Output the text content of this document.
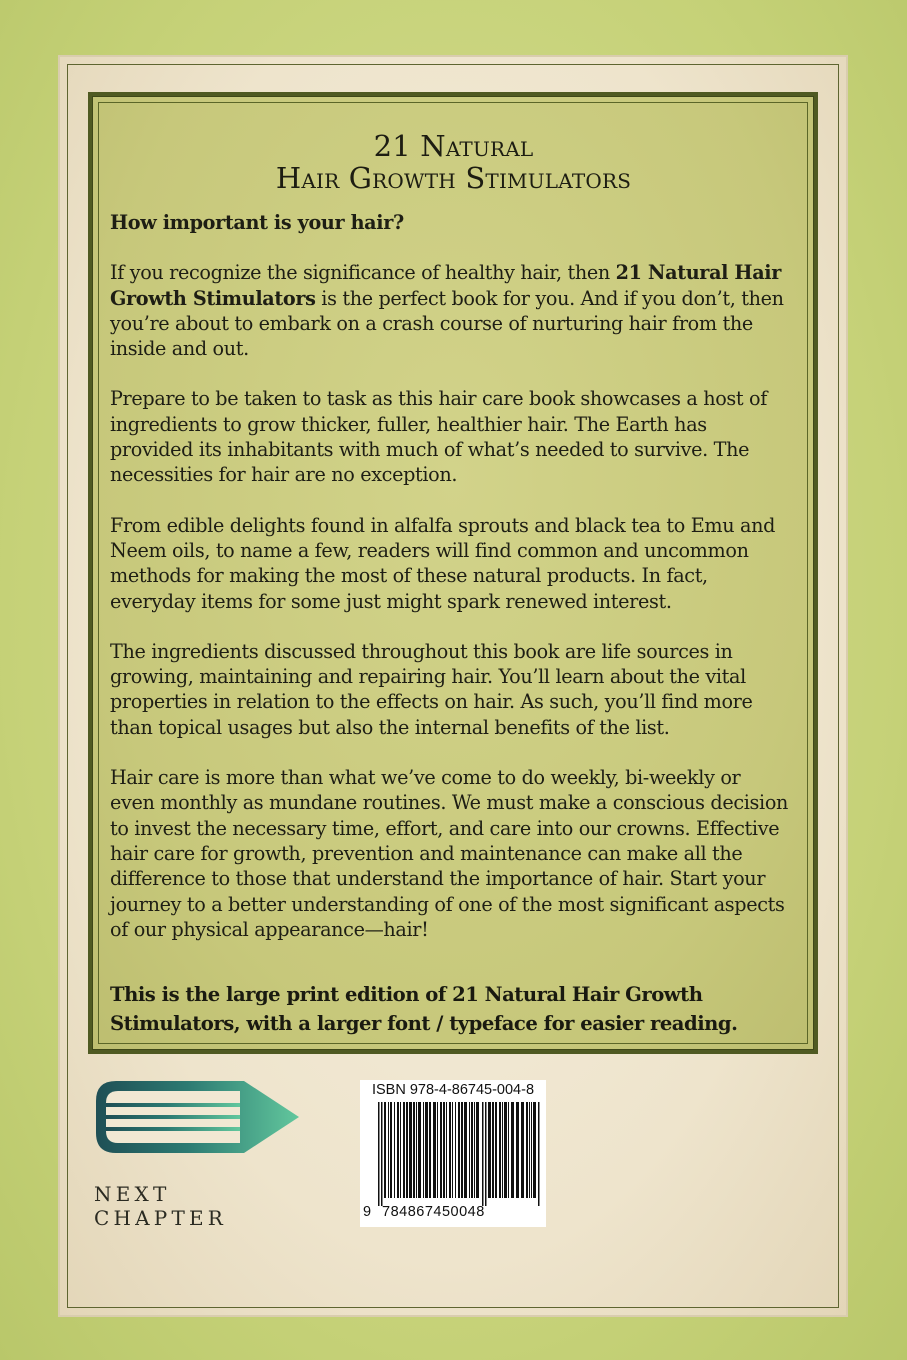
21 Natural
Hair Growth Stimulators

How important is your hair?

If you recognize the significance of healthy hair, then 21 Natural Hair Growth Stimulators is the perfect book for you. And if you don’t, then you’re about to embark on a crash course of nurturing hair from the inside and out.

Prepare to be taken to task as this hair care book showcases a host of ingredients to grow thicker, fuller, healthier hair. The Earth has provided its inhabitants with much of what’s needed to survive. The necessities for hair are no exception.

From edible delights found in alfalfa sprouts and black tea to Emu and Neem oils, to name a few, readers will find common and uncommon methods for making the most of these natural products. In fact, everyday items for some just might spark renewed interest.

The ingredients discussed throughout this book are life sources in growing, maintaining and repairing hair. You’ll learn about the vital properties in relation to the effects on hair. As such, you’ll find more than topical usages but also the internal benefits of the list.

Hair care is more than what we’ve come to do weekly, bi-weekly or even monthly as mundane routines. We must make a conscious decision to invest the necessary time, effort, and care into our crowns. Effective hair care for growth, prevention and maintenance can make all the difference to those that understand the importance of hair. Start your journey to a better understanding of one of the most significant aspects of our physical appearance—hair!

This is the large print edition of 21 Natural Hair Growth Stimulators, with a larger font / typeface for easier reading.
NEXT CHAPTER
ISBN 978-4-86745-004-8
9 784867450048
